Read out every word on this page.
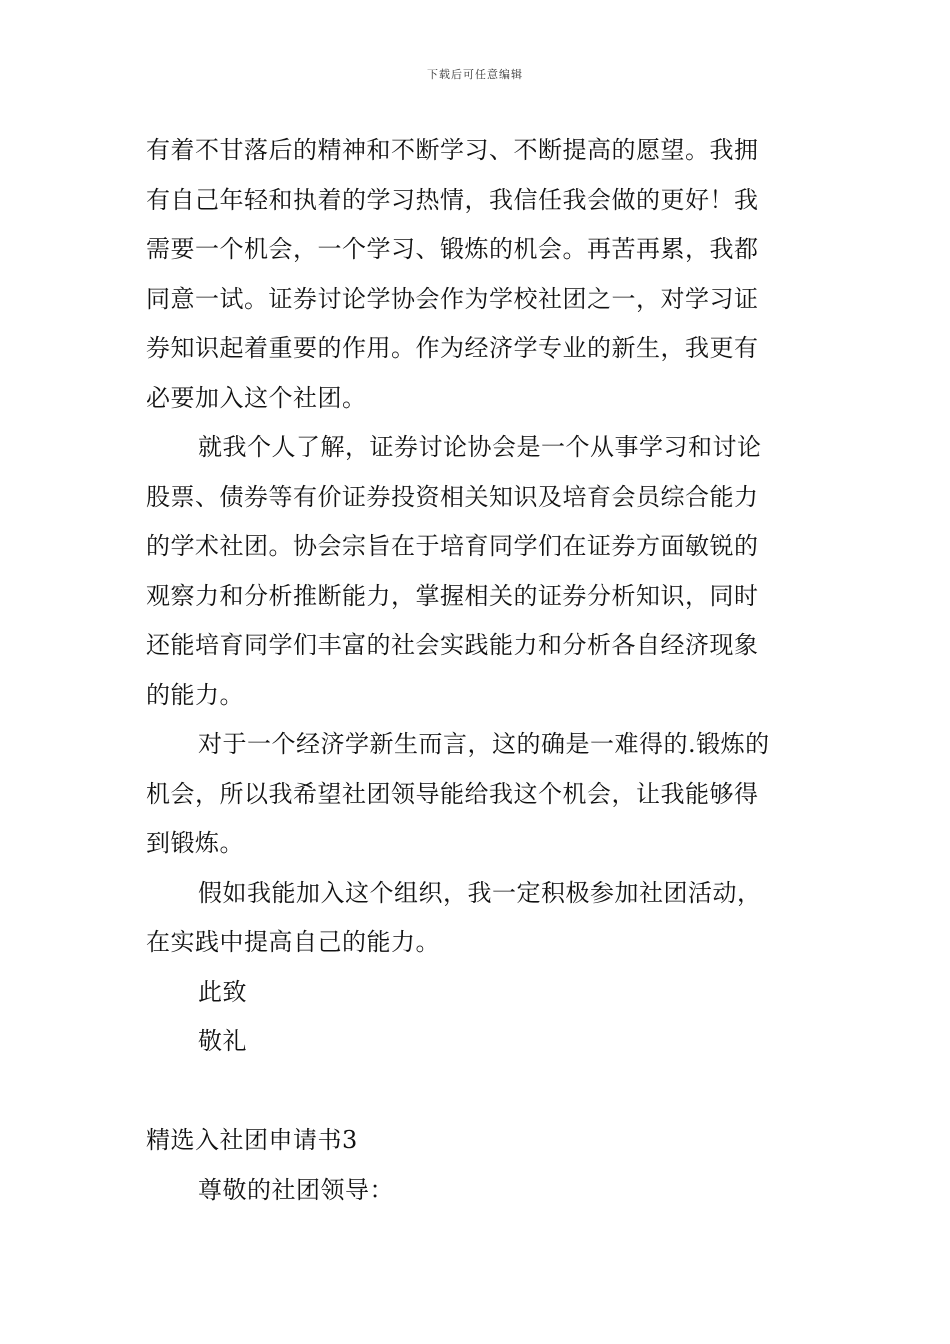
下载后可任意编辑

有着不甘落后的精神和不断学习、不断提高的愿望。我拥
有自己年轻和执着的学习热情，我信任我会做的更好！我
需要一个机会，一个学习、锻炼的机会。再苦再累，我都
同意一试。证券讨论学协会作为学校社团之一，对学习证
券知识起着重要的作用。作为经济学专业的新生，我更有
必要加入这个社团。

就我个人了解，证券讨论协会是一个从事学习和讨论
股票、债券等有价证券投资相关知识及培育会员综合能力
的学术社团。协会宗旨在于培育同学们在证券方面敏锐的
观察力和分析推断能力，掌握相关的证券分析知识，同时
还能培育同学们丰富的社会实践能力和分析各自经济现象
的能力。

对于一个经济学新生而言，这的确是一难得的.锻炼的
机会，所以我希望社团领导能给我这个机会，让我能够得
到锻炼。

假如我能加入这个组织，我一定积极参加社团活动，
在实践中提高自己的能力。

此致

敬礼

精选入社团申请书3

尊敬的社团领导：
